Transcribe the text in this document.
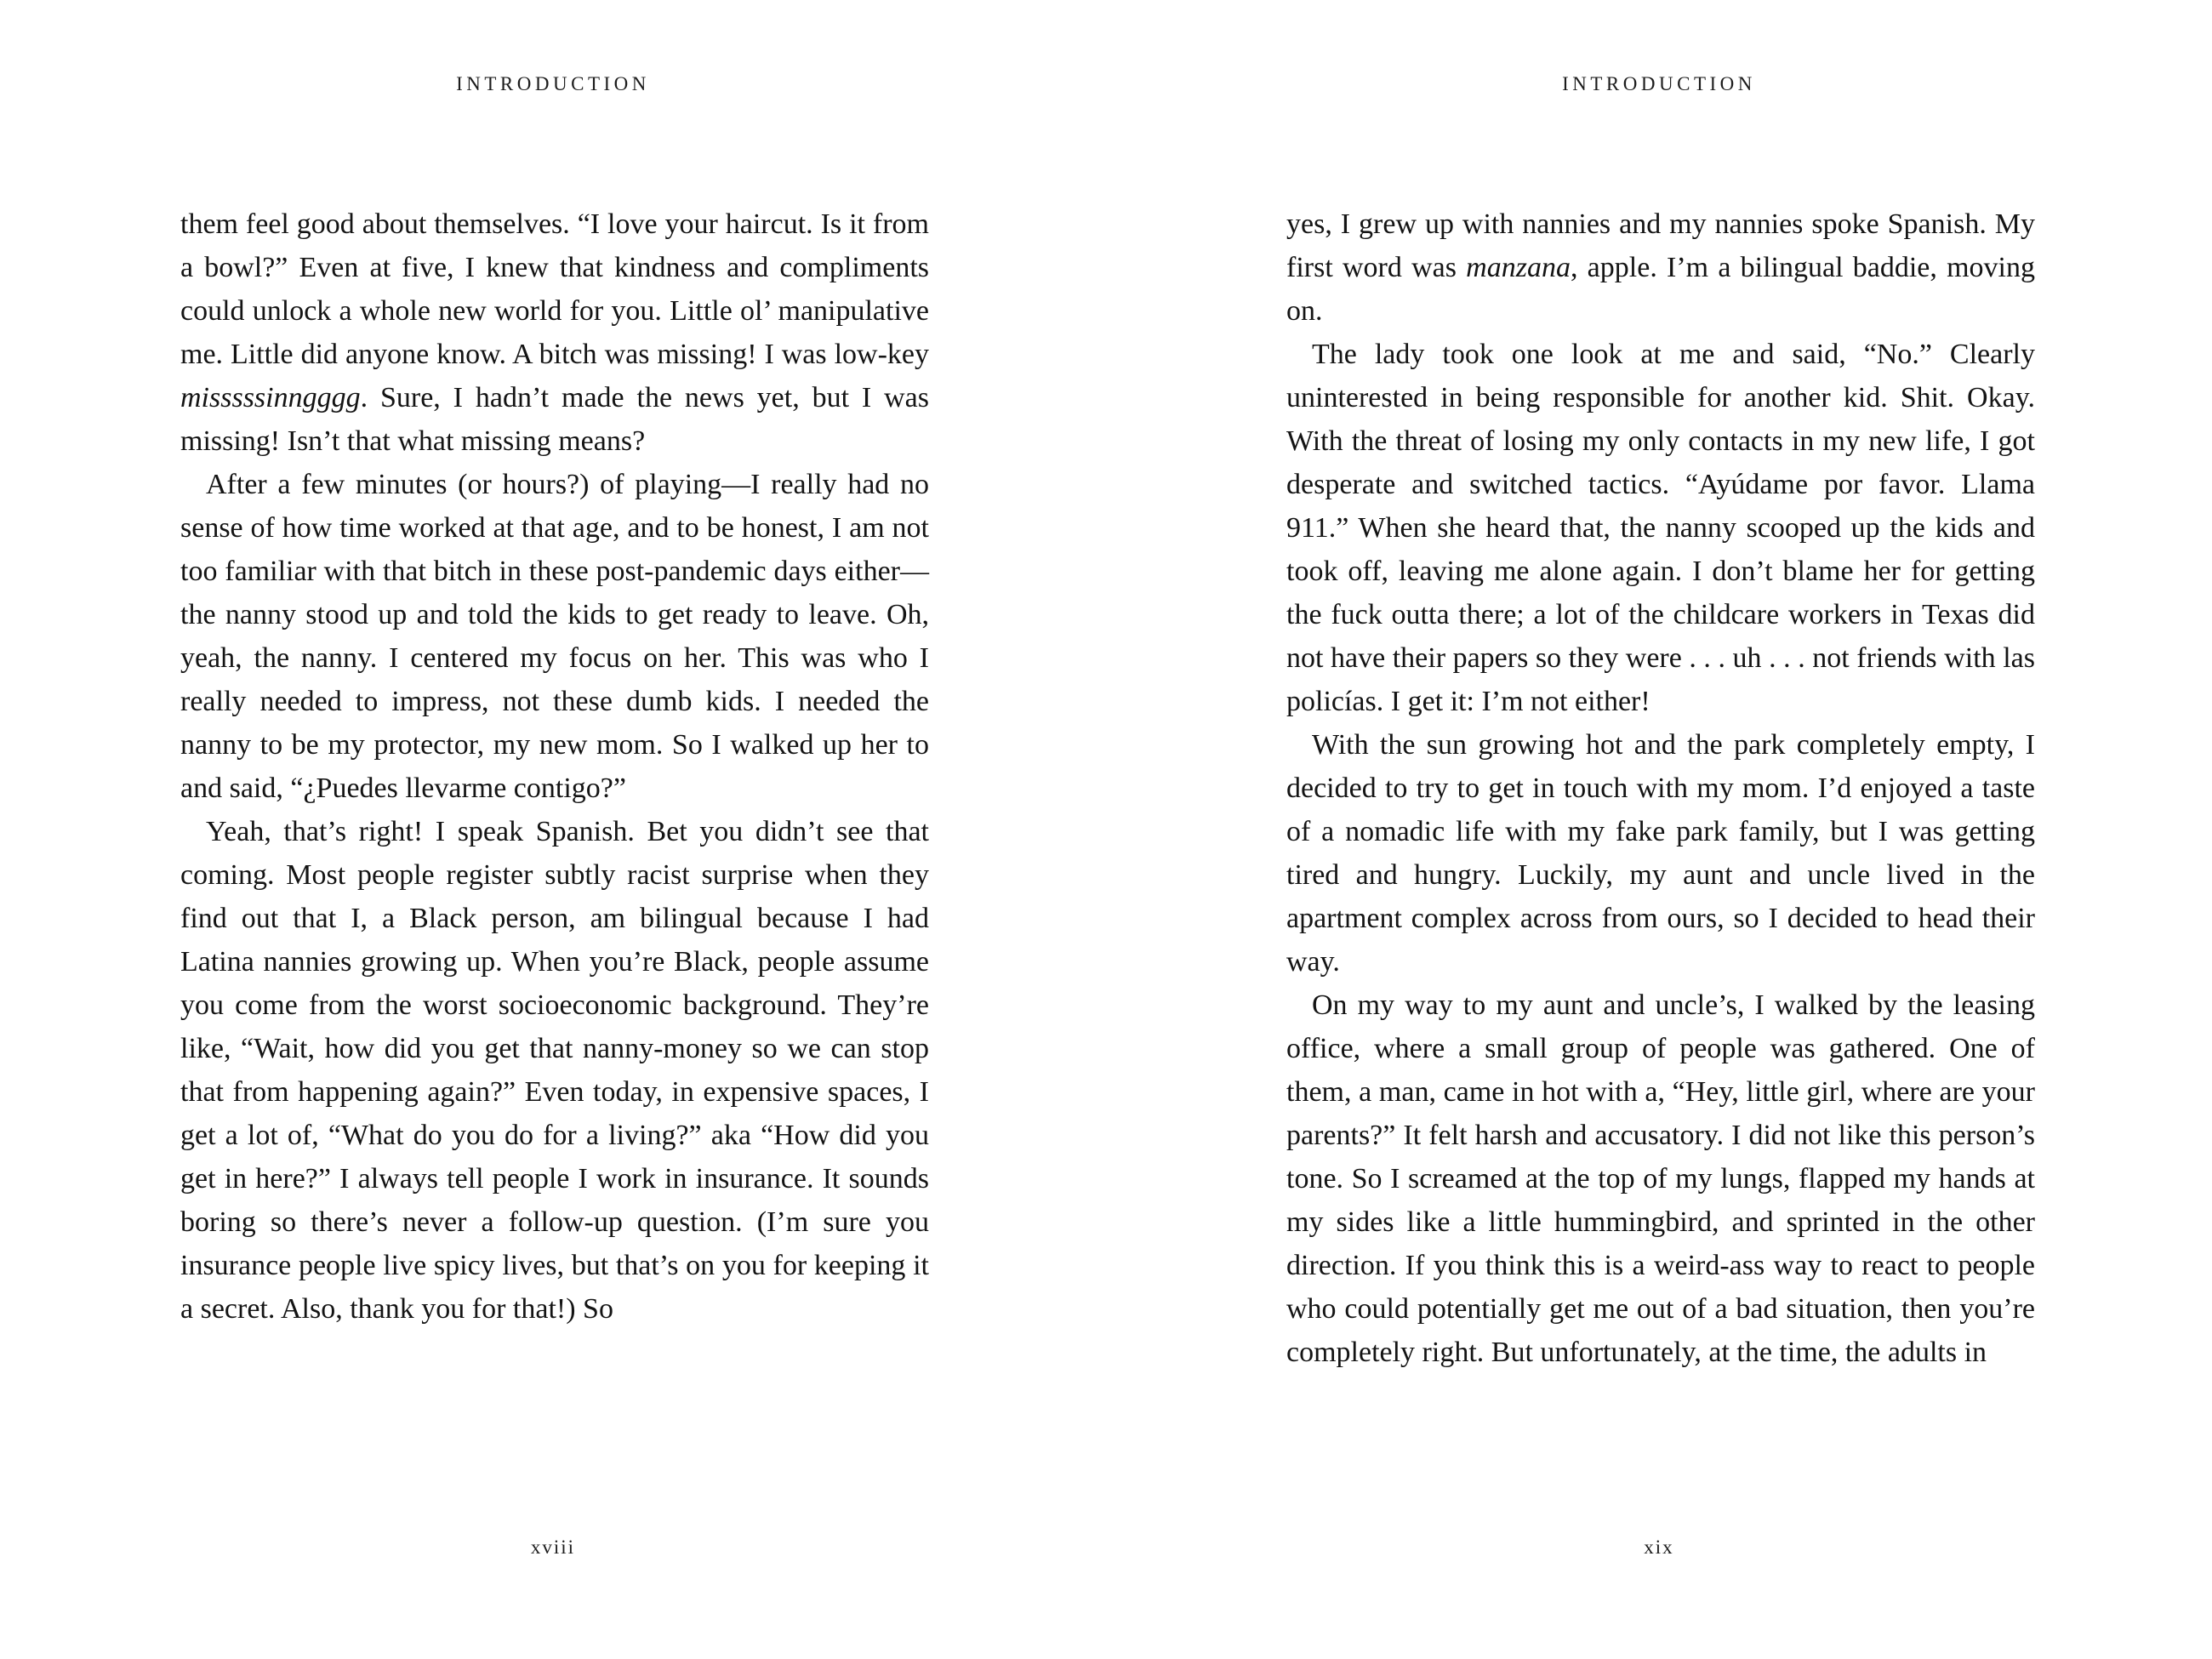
INTRODUCTION

them feel good about themselves. “I love your haircut. Is it from a bowl?” Even at five, I knew that kindness and compliments could unlock a whole new world for you. Little ol’ manipulative me. Little did anyone know. A bitch was missing! I was low-key misssssinngggg. Sure, I hadn’t made the news yet, but I was missing! Isn’t that what missing means?

After a few minutes (or hours?) of playing—I really had no sense of how time worked at that age, and to be honest, I am not too familiar with that bitch in these post-pandemic days either—the nanny stood up and told the kids to get ready to leave. Oh, yeah, the nanny. I centered my focus on her. This was who I really needed to impress, not these dumb kids. I needed the nanny to be my protector, my new mom. So I walked up her to and said, “¿Puedes llevarme contigo?”

Yeah, that’s right! I speak Spanish. Bet you didn’t see that coming. Most people register subtly racist surprise when they find out that I, a Black person, am bilingual because I had Latina nannies growing up. When you’re Black, people assume you come from the worst socioeconomic background. They’re like, “Wait, how did you get that nanny-money so we can stop that from happening again?” Even today, in expensive spaces, I get a lot of, “What do you do for a living?” aka “How did you get in here?” I always tell people I work in insurance. It sounds boring so there’s never a follow-up question. (I’m sure you insurance people live spicy lives, but that’s on you for keeping it a secret. Also, thank you for that!) So

xviii
INTRODUCTION

yes, I grew up with nannies and my nannies spoke Spanish. My first word was manzana, apple. I’m a bilingual baddie, moving on.

The lady took one look at me and said, “No.” Clearly uninterested in being responsible for another kid. Shit. Okay. With the threat of losing my only contacts in my new life, I got desperate and switched tactics. “Ayúdame por favor. Llama 911.” When she heard that, the nanny scooped up the kids and took off, leaving me alone again. I don’t blame her for getting the fuck outta there; a lot of the childcare workers in Texas did not have their papers so they were . . . uh . . . not friends with las policías. I get it: I’m not either!

With the sun growing hot and the park completely empty, I decided to try to get in touch with my mom. I’d enjoyed a taste of a nomadic life with my fake park family, but I was getting tired and hungry. Luckily, my aunt and uncle lived in the apartment complex across from ours, so I decided to head their way.

On my way to my aunt and uncle’s, I walked by the leasing office, where a small group of people was gathered. One of them, a man, came in hot with a, “Hey, little girl, where are your parents?” It felt harsh and accusatory. I did not like this person’s tone. So I screamed at the top of my lungs, flapped my hands at my sides like a little hummingbird, and sprinted in the other direction. If you think this is a weird-ass way to react to people who could potentially get me out of a bad situation, then you’re completely right. But unfortunately, at the time, the adults in

xix
